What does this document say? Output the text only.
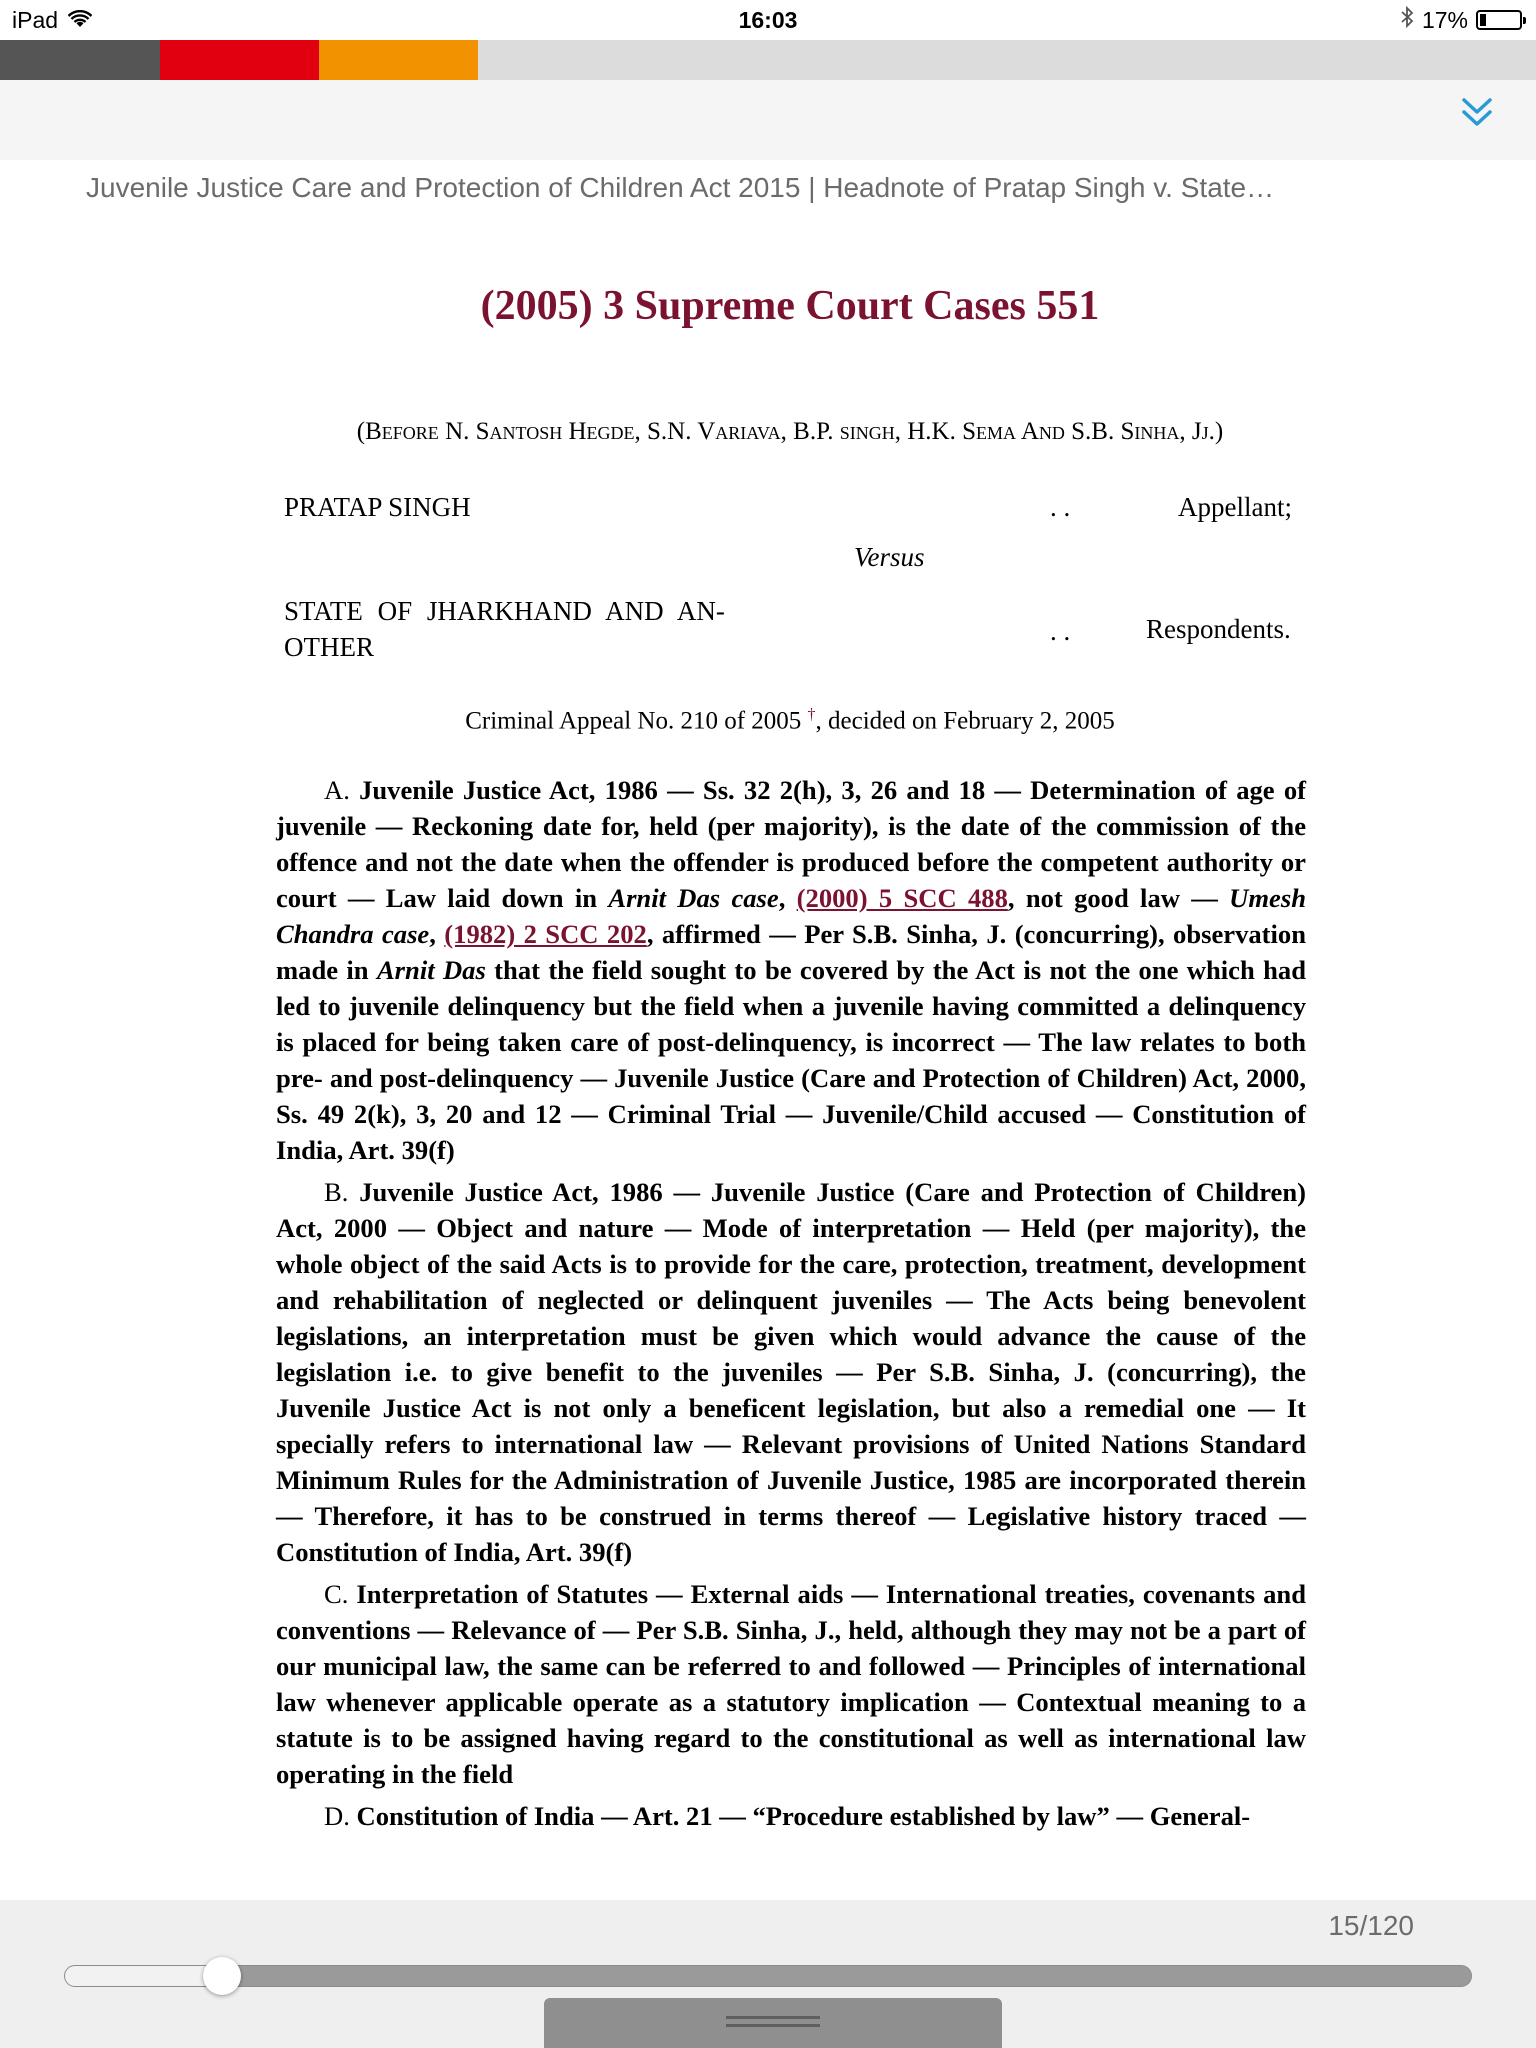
iPad	16:03	17%
Juvenile Justice Care and Protection of Children Act 2015 | Headnote of Pratap Singh v. State…
(2005) 3 Supreme Court Cases 551
(Before N. Santosh Hegde, S.N. Variava, B.P. singh, H.K. Sema And S.B. Sinha, Jj.)
PRATAP SINGH	. .	Appellant;
Versus
STATE OF JHARKHAND AND AN-
OTHER
. .	Respondents.
Criminal Appeal No. 210 of 2005 †, decided on February 2, 2005

A. Juvenile Justice Act, 1986 — Ss. 32 2(h), 3, 26 and 18 — Determination of age of juvenile — Reckoning date for, held (per majority), is the date of the commission of the offence and not the date when the offender is produced before the competent authority or court — Law laid down in Arnit Das case, (2000) 5 SCC 488, not good law — Umesh Chandra case, (1982) 2 SCC 202, affirmed — Per S.B. Sinha, J. (concurring), observation made in Arnit Das that the field sought to be covered by the Act is not the one which had led to juvenile delinquency but the field when a juvenile having committed a delinquency is placed for being taken care of post-delinquency, is incorrect — The law relates to both pre- and post-delinquency — Juvenile Justice (Care and Protection of Children) Act, 2000, Ss. 49 2(k), 3, 20 and 12 — Criminal Trial — Juvenile/Child accused — Constitution of India, Art. 39(f)

B. Juvenile Justice Act, 1986 — Juvenile Justice (Care and Protection of Children) Act, 2000 — Object and nature — Mode of interpretation — Held (per majority), the whole object of the said Acts is to provide for the care, protection, treatment, development and rehabilitation of neglected or delinquent juveniles — The Acts being benevolent legislations, an interpretation must be given which would advance the cause of the legislation i.e. to give benefit to the juveniles — Per S.B. Sinha, J. (concurring), the Juvenile Justice Act is not only a beneficent legislation, but also a remedial one — It specially refers to international law — Relevant provisions of United Nations Standard Minimum Rules for the Administration of Juvenile Justice, 1985 are incorporated therein — Therefore, it has to be construed in terms thereof — Legislative history traced — Constitution of India, Art. 39(f)

C. Interpretation of Statutes — External aids — International treaties, covenants and conventions — Relevance of — Per S.B. Sinha, J., held, although they may not be a part of our municipal law, the same can be referred to and followed — Principles of international law whenever applicable operate as a statutory implication — Contextual meaning to a statute is to be assigned having regard to the constitutional as well as international law operating in the field

D. Constitution of India — Art. 21 — “Procedure established by law” — General-

15/120
